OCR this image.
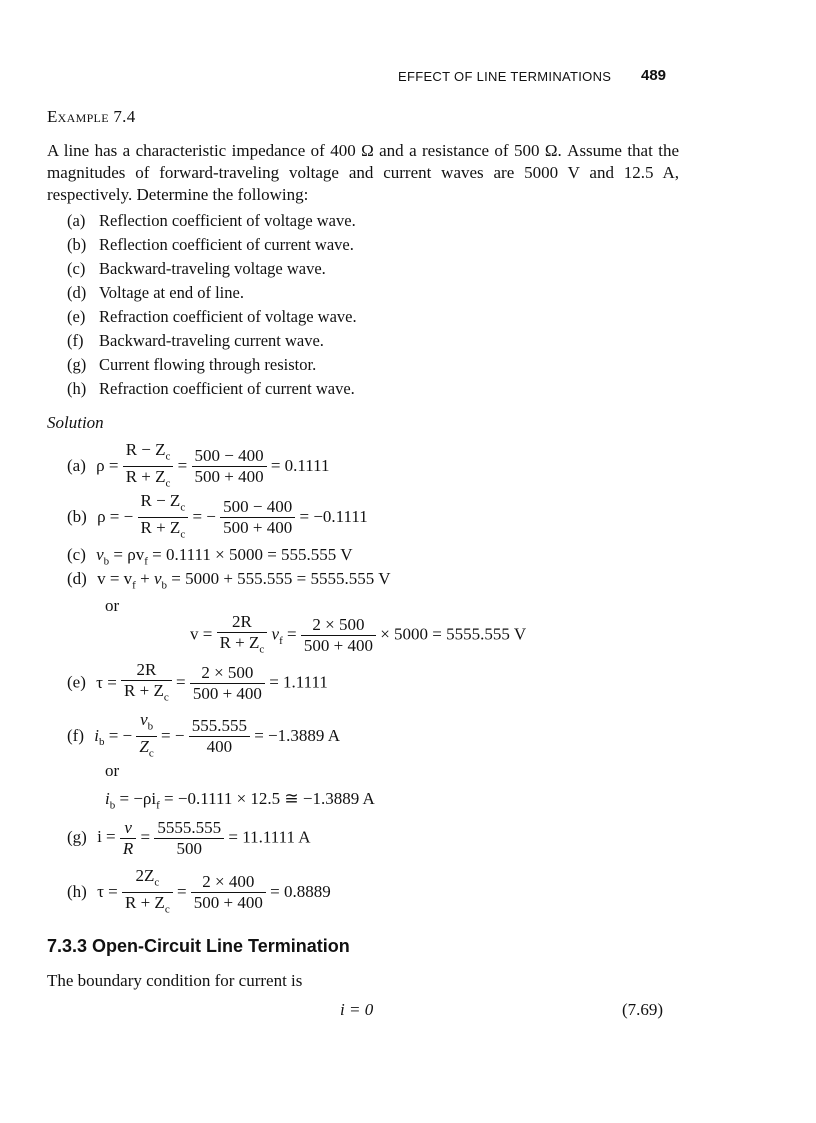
EFFECT OF LINE TERMINATIONS 489
Example 7.4
A line has a characteristic impedance of 400 Ω and a resistance of 500 Ω. Assume that the magnitudes of forward-traveling voltage and current waves are 5000 V and 12.5 A, respectively. Determine the following:
(a) Reflection coefficient of voltage wave.
(b) Reflection coefficient of current wave.
(c) Backward-traveling voltage wave.
(d) Voltage at end of line.
(e) Refraction coefficient of voltage wave.
(f) Backward-traveling current wave.
(g) Current flowing through resistor.
(h) Refraction coefficient of current wave.
Solution
(a) $\rho = \frac{R - Z_c}{R + Z_c} = \frac{500 - 400}{500 + 400} = 0.1111$
(b) ρ = − $\frac{R - Z_c}{R + Z_c}$ = − $\frac{500 - 400}{500 + 400} = -0.1111$
(c) $v_b = \rho v_f = 0.1111 \times 5000 = 555.555$ V
(d) $v = v_f + v_b = 5000 + 555.555 = 5555.555$ V
or
$v = \frac{2R}{R + Z_c} v_f = \frac{2 \times 500}{500 + 400} \times 5000 = 5555.555$ V
(e) $\tau = \frac{2R}{R + Z_c} = \frac{2 \times 500}{500 + 400} = 1.1111$
(f) $i_b$ = − $\frac{v_b}{Z_c}$ = − $\frac{555.555}{400} = -1.3889$ A
or
$i_b = -\rho i_f = -0.1111 \times 12.5$ ≅ −1.3889 A
(g) $i = \frac{v}{R} = \frac{5555.555}{500} = 11.1111$ A
(h) $\tau = \frac{2Z_c}{R + Z_c} = \frac{2 \times 400}{500 + 400} = 0.8889$
7.3.3 Open-Circuit Line Termination
The boundary condition for current is
i = 0	(7.69)
